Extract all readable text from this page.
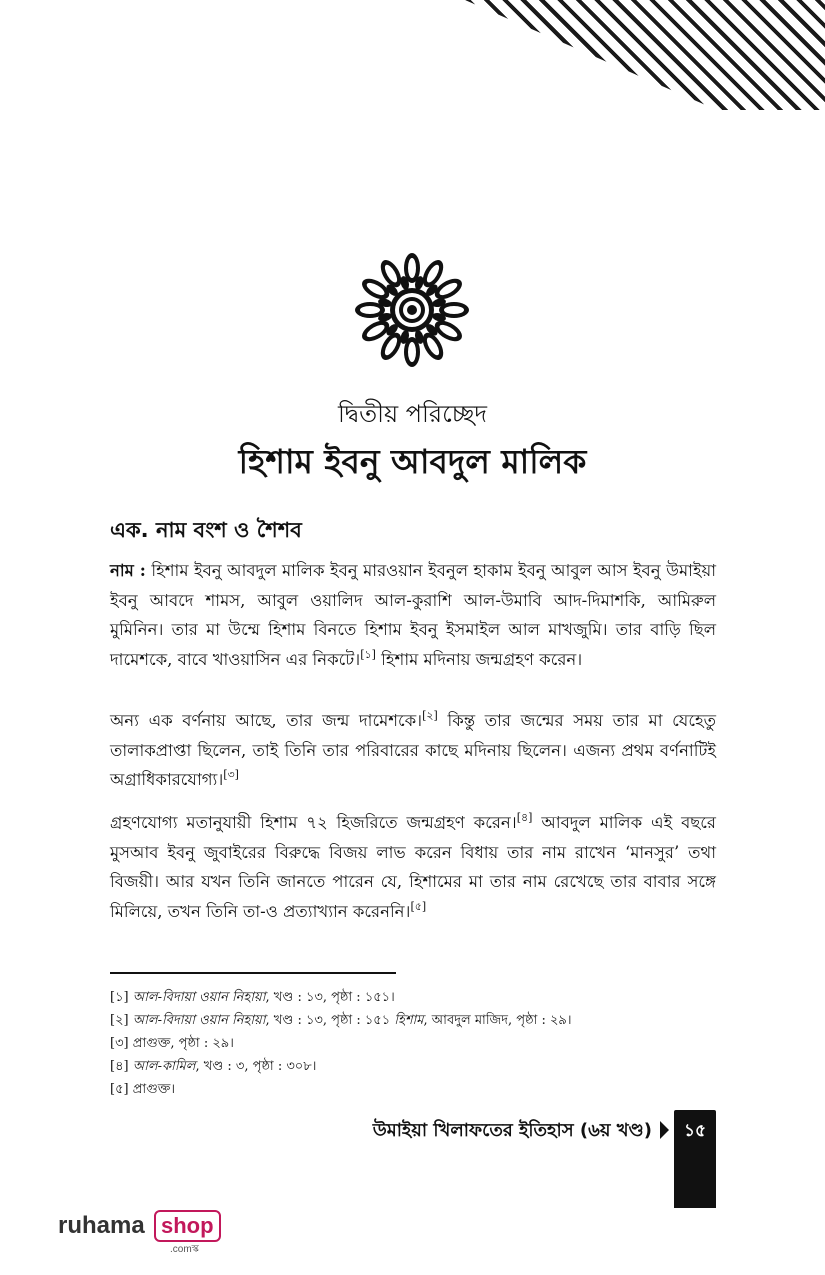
দ্বিতীয় পরিচ্ছেদ
হিশাম ইবনু আবদুল মালিক
এক. নাম বংশ ও শৈশব
নাম : হিশাম ইবনু আবদুল মালিক ইবনু মারওয়ান ইবনুল হাকাম ইবনু আবুল আস ইবনু উমাইয়া ইবনু আবদে শামস, আবুল ওয়ালিদ আল-কুরাশি আল-উমাবি আদ-দিমাশকি, আমিরুল মুমিনিন। তার মা উম্মে হিশাম বিনতে হিশাম ইবনু ইসমাইল আল মাখজুমি। তার বাড়ি ছিল দামেশকে, বাবে খাওয়াসিন এর নিকটে।[১] হিশাম মদিনায় জন্মগ্রহণ করেন।
অন্য এক বর্ণনায় আছে, তার জন্ম দামেশকে।[২] কিন্তু তার জন্মের সময় তার মা যেহেতু তালাকপ্রাপ্তা ছিলেন, তাই তিনি তার পরিবারের কাছে মদিনায় ছিলেন। এজন্য প্রথম বর্ণনাটিই অগ্রাধিকারযোগ্য।[৩]
গ্রহণযোগ্য মতানুযায়ী হিশাম ৭২ হিজরিতে জন্মগ্রহণ করেন।[৪] আবদুল মালিক এই বছরে মুসআব ইবনু জুবাইরের বিরুদ্ধে বিজয় লাভ করেন বিধায় তার নাম রাখেন ‘মানসুর’ তথা বিজয়ী। আর যখন তিনি জানতে পারেন যে, হিশামের মা তার নাম রেখেছে তার বাবার সঙ্গে মিলিয়ে, তখন তিনি তা-ও প্রত্যাখ্যান করেননি।[৫]
[১] আল-বিদায়া ওয়ান নিহায়া, খণ্ড : ১৩, পৃষ্ঠা : ১৫১।
[২] আল-বিদায়া ওয়ান নিহায়া, খণ্ড : ১৩, পৃষ্ঠা : ১৫১ হিশাম, আবদুল মাজিদ, পৃষ্ঠা : ২৯।
[৩] প্রাগুক্ত, পৃষ্ঠা : ২৯।
[৪] আল-কামিল, খণ্ড : ৩, পৃষ্ঠা : ৩০৮।
[৫] প্রাগুক্ত।
উমাইয়া খিলাফতের ইতিহাস (৬য় খণ্ড)	১৫
ruhama shop
.comস্ক
